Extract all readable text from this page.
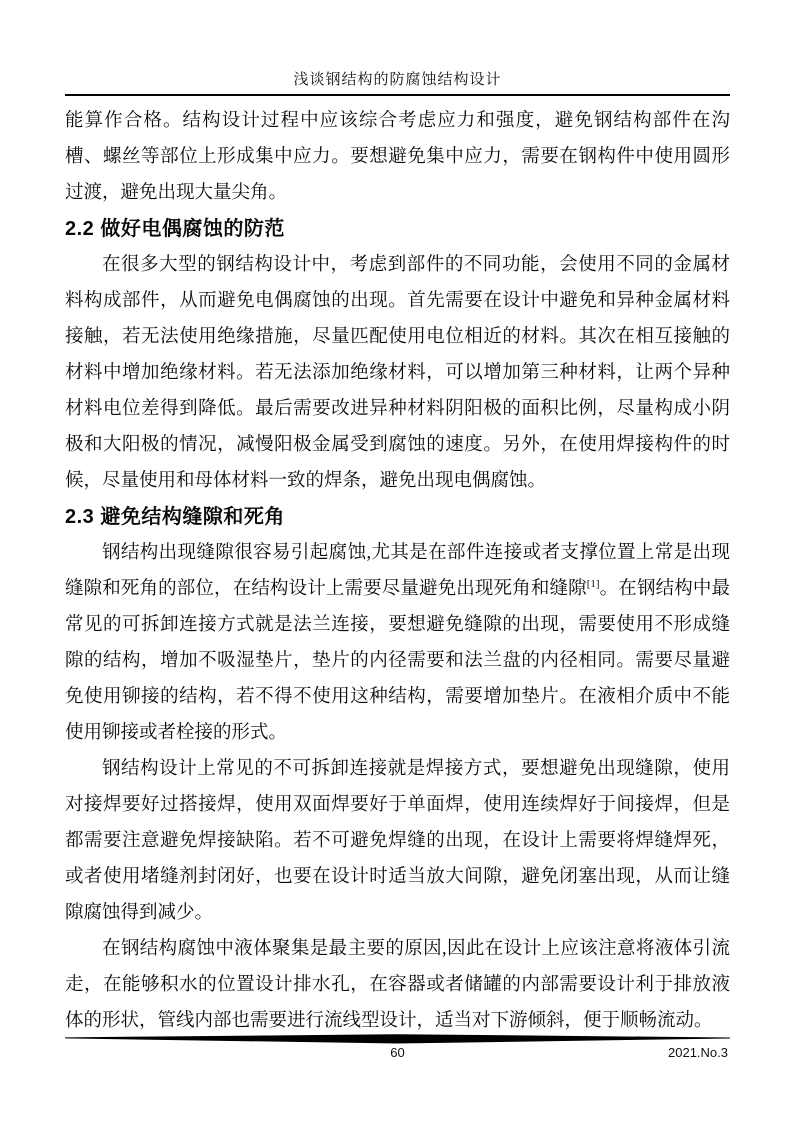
浅谈钢结构的防腐蚀结构设计

能算作合格。结构设计过程中应该综合考虑应力和强度，避免钢结构部件在沟槽、螺丝等部位上形成集中应力。要想避免集中应力，需要在钢构件中使用圆形过渡，避免出现大量尖角。

2.2 做好电偶腐蚀的防范

在很多大型的钢结构设计中，考虑到部件的不同功能，会使用不同的金属材料构成部件，从而避免电偶腐蚀的出现。首先需要在设计中避免和异种金属材料接触，若无法使用绝缘措施，尽量匹配使用电位相近的材料。其次在相互接触的材料中增加绝缘材料。若无法添加绝缘材料，可以增加第三种材料，让两个异种材料电位差得到降低。最后需要改进异种材料阴阳极的面积比例，尽量构成小阴极和大阳极的情况，减慢阳极金属受到腐蚀的速度。另外，在使用焊接构件的时候，尽量使用和母体材料一致的焊条，避免出现电偶腐蚀。

2.3 避免结构缝隙和死角

钢结构出现缝隙很容易引起腐蚀,尤其是在部件连接或者支撑位置上常是出现缝隙和死角的部位，在结构设计上需要尽量避免出现死角和缝隙[1]。在钢结构中最常见的可拆卸连接方式就是法兰连接，要想避免缝隙的出现，需要使用不形成缝隙的结构，增加不吸湿垫片，垫片的内径需要和法兰盘的内径相同。需要尽量避免使用铆接的结构，若不得不使用这种结构，需要增加垫片。在液相介质中不能使用铆接或者栓接的形式。

钢结构设计上常见的不可拆卸连接就是焊接方式，要想避免出现缝隙，使用对接焊要好过搭接焊，使用双面焊要好于单面焊，使用连续焊好于间接焊，但是都需要注意避免焊接缺陷。若不可避免焊缝的出现，在设计上需要将焊缝焊死，或者使用堵缝剂封闭好，也要在设计时适当放大间隙，避免闭塞出现，从而让缝隙腐蚀得到减少。

在钢结构腐蚀中液体聚集是最主要的原因,因此在设计上应该注意将液体引流走，在能够积水的位置设计排水孔，在容器或者储罐的内部需要设计利于排放液体的形状，管线内部也需要进行流线型设计，适当对下游倾斜，便于顺畅流动。

60	2021.No.3
